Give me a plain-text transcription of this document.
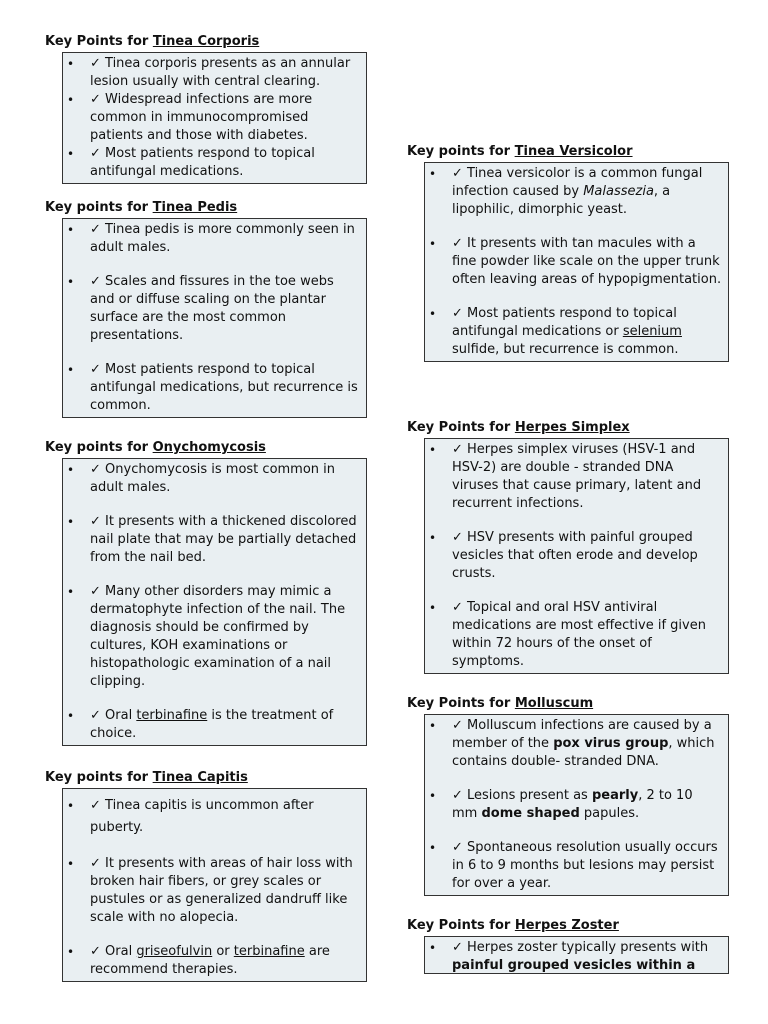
Key Points for Tinea Corporis
• ✓ Tinea corporis presents as an annular lesion usually with central clearing.
• ✓ Widespread infections are more common in immunocompromised patients and those with diabetes.
• ✓ Most patients respond to topical antifungal medications.
Key points for Tinea Pedis
• ✓ Tinea pedis is more commonly seen in adult males.
• ✓ Scales and fissures in the toe webs and or diffuse scaling on the plantar surface are the most common presentations.
• ✓ Most patients respond to topical antifungal medications, but recurrence is common.
Key points for Onychomycosis
• ✓ Onychomycosis is most common in adult males.
• ✓ It presents with a thickened discolored nail plate that may be partially detached from the nail bed.
• ✓ Many other disorders may mimic a dermatophyte infection of the nail. The diagnosis should be confirmed by cultures, KOH examinations or histopathologic examination of a nail clipping.
• ✓ Oral terbinafine is the treatment of choice.
Key points for Tinea Capitis
• ✓ Tinea capitis is uncommon after puberty.
• ✓ It presents with areas of hair loss with broken hair fibers, or grey scales or pustules or as generalized dandruff like scale with no alopecia.
• ✓ Oral griseofulvin or terbinafine are recommend therapies.
Key points for Tinea Versicolor
• ✓ Tinea versicolor is a common fungal infection caused by Malassezia, a lipophilic, dimorphic yeast.
• ✓ It presents with tan macules with a fine powder like scale on the upper trunk often leaving areas of hypopigmentation.
• ✓ Most patients respond to topical antifungal medications or selenium sulfide, but recurrence is common.
Key Points for Herpes Simplex
• ✓ Herpes simplex viruses (HSV-1 and HSV-2) are double - stranded DNA viruses that cause primary, latent and recurrent infections.
• ✓ HSV presents with painful grouped vesicles that often erode and develop crusts.
• ✓ Topical and oral HSV antiviral medications are most effective if given within 72 hours of the onset of symptoms.
Key Points for Molluscum
• ✓ Molluscum infections are caused by a member of the pox virus group, which contains double- stranded DNA.
• ✓ Lesions present as pearly, 2 to 10 mm dome shaped papules.
• ✓ Spontaneous resolution usually occurs in 6 to 9 months but lesions may persist for over a year.
Key Points for Herpes Zoster
• ✓ Herpes zoster typically presents with painful grouped vesicles within a
